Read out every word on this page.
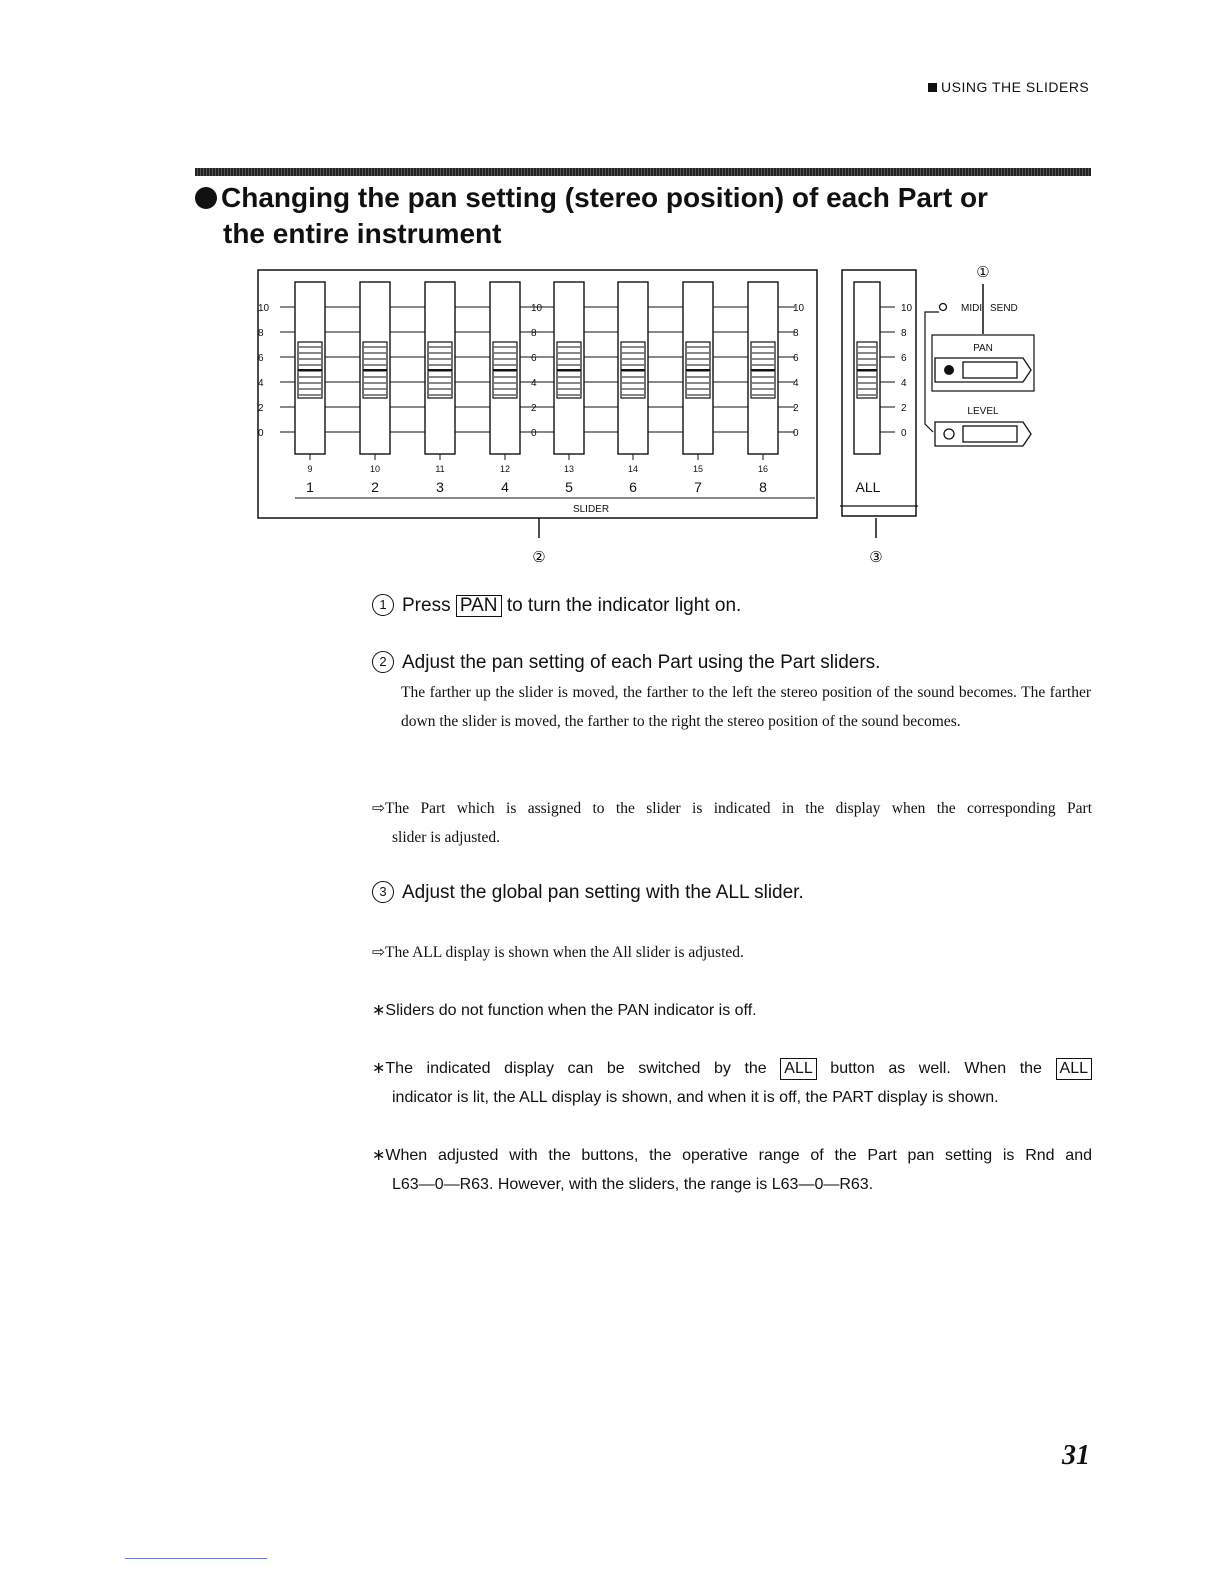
USING THE SLIDERS
Changing the pan setting (stereo position) of each Part or
the entire instrument
9
1
10
2
11
3
12
4
13
5
14
6
15
7
16
8
10	10	10	10
8	8	8	8
6	6	6	6
4	4	4	4
2	2	2	2
0	0	0	0
SLIDER
ALL
②	③
①
MIDI SEND
PAN
LEVEL
1 Press PAN to turn the indicator light on.
2 Adjust the pan setting of each Part using the Part sliders.
The farther up the slider is moved, the farther to the left the stereo position of the sound becomes. The farther down the slider is moved, the farther to the right the stereo position of the sound becomes.
⇨The Part which is assigned to the slider is indicated in the display when the corresponding Part
slider is adjusted.
3 Adjust the global pan setting with the ALL slider.
⇨The ALL display is shown when the All slider is adjusted.
∗Sliders do not function when the PAN indicator is off.
∗The indicated display can be switched by the ALL button as well. When the ALL
indicator is lit, the ALL display is shown, and when it is off, the PART display is shown.
∗When adjusted with the buttons, the operative range of the Part pan setting is Rnd and
L63—0—R63. However, with the sliders, the range is L63—0—R63.
31
